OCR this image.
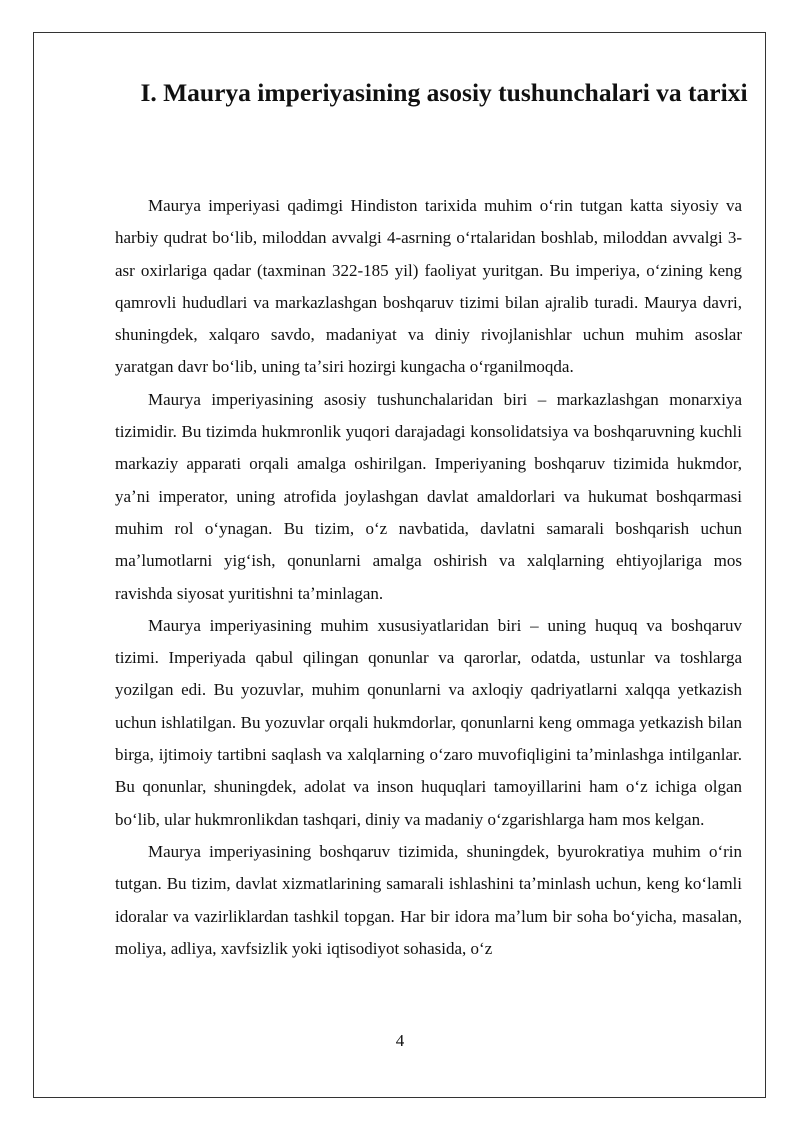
I. Maurya imperiyasining asosiy tushunchalari va tarixi

Maurya imperiyasi qadimgi Hindiston tarixida muhim oʻrin tutgan katta siyosiy va harbiy qudrat boʻlib, miloddan avvalgi 4-asrning oʻrtalaridan boshlab, miloddan avvalgi 3-asr oxirlariga qadar (taxminan 322-185 yil) faoliyat yuritgan. Bu imperiya, oʻzining keng qamrovli hududlari va markazlashgan boshqaruv tizimi bilan ajralib turadi. Maurya davri, shuningdek, xalqaro savdo, madaniyat va diniy rivojlanishlar uchun muhim asoslar yaratgan davr boʻlib, uning taʼsiri hozirgi kungacha oʻrganilmoqda.

Maurya imperiyasining asosiy tushunchalaridan biri – markazlashgan monarxiya tizimidir. Bu tizimda hukmronlik yuqori darajadagi konsolidatsiya va boshqaruvning kuchli markaziy apparati orqali amalga oshirilgan. Imperiyaning boshqaruv tizimida hukmdor, yaʼni imperator, uning atrofida joylashgan davlat amaldorlari va hukumat boshqarmasi muhim rol oʻynagan. Bu tizim, oʻz navbatida, davlatni samarali boshqarish uchun maʼlumotlarni yigʻish, qonunlarni amalga oshirish va xalqlarning ehtiyojlariga mos ravishda siyosat yuritishni taʼminlagan.

Maurya imperiyasining muhim xususiyatlaridan biri – uning huquq va boshqaruv tizimi. Imperiyada qabul qilingan qonunlar va qarorlar, odatda, ustunlar va toshlarga yozilgan edi. Bu yozuvlar, muhim qonunlarni va axloqiy qadriyatlarni xalqqa yetkazish uchun ishlatilgan. Bu yozuvlar orqali hukmdorlar, qonunlarni keng ommaga yetkazish bilan birga, ijtimoiy tartibni saqlash va xalqlarning oʻzaro muvofiqligini taʼminlashga intilganlar. Bu qonunlar, shuningdek, adolat va inson huquqlari tamoyillarini ham oʻz ichiga olgan boʻlib, ular hukmronlikdan tashqari, diniy va madaniy oʻzgarishlarga ham mos kelgan.

Maurya imperiyasining boshqaruv tizimida, shuningdek, byurokratiya muhim oʻrin tutgan. Bu tizim, davlat xizmatlarining samarali ishlashini taʼminlash uchun, keng koʻlamli idoralar va vazirliklardan tashkil topgan. Har bir idora maʼlum bir soha boʻyicha, masalan, moliya, adliya, xavfsizlik yoki iqtisodiyot sohasida, oʻz

4
